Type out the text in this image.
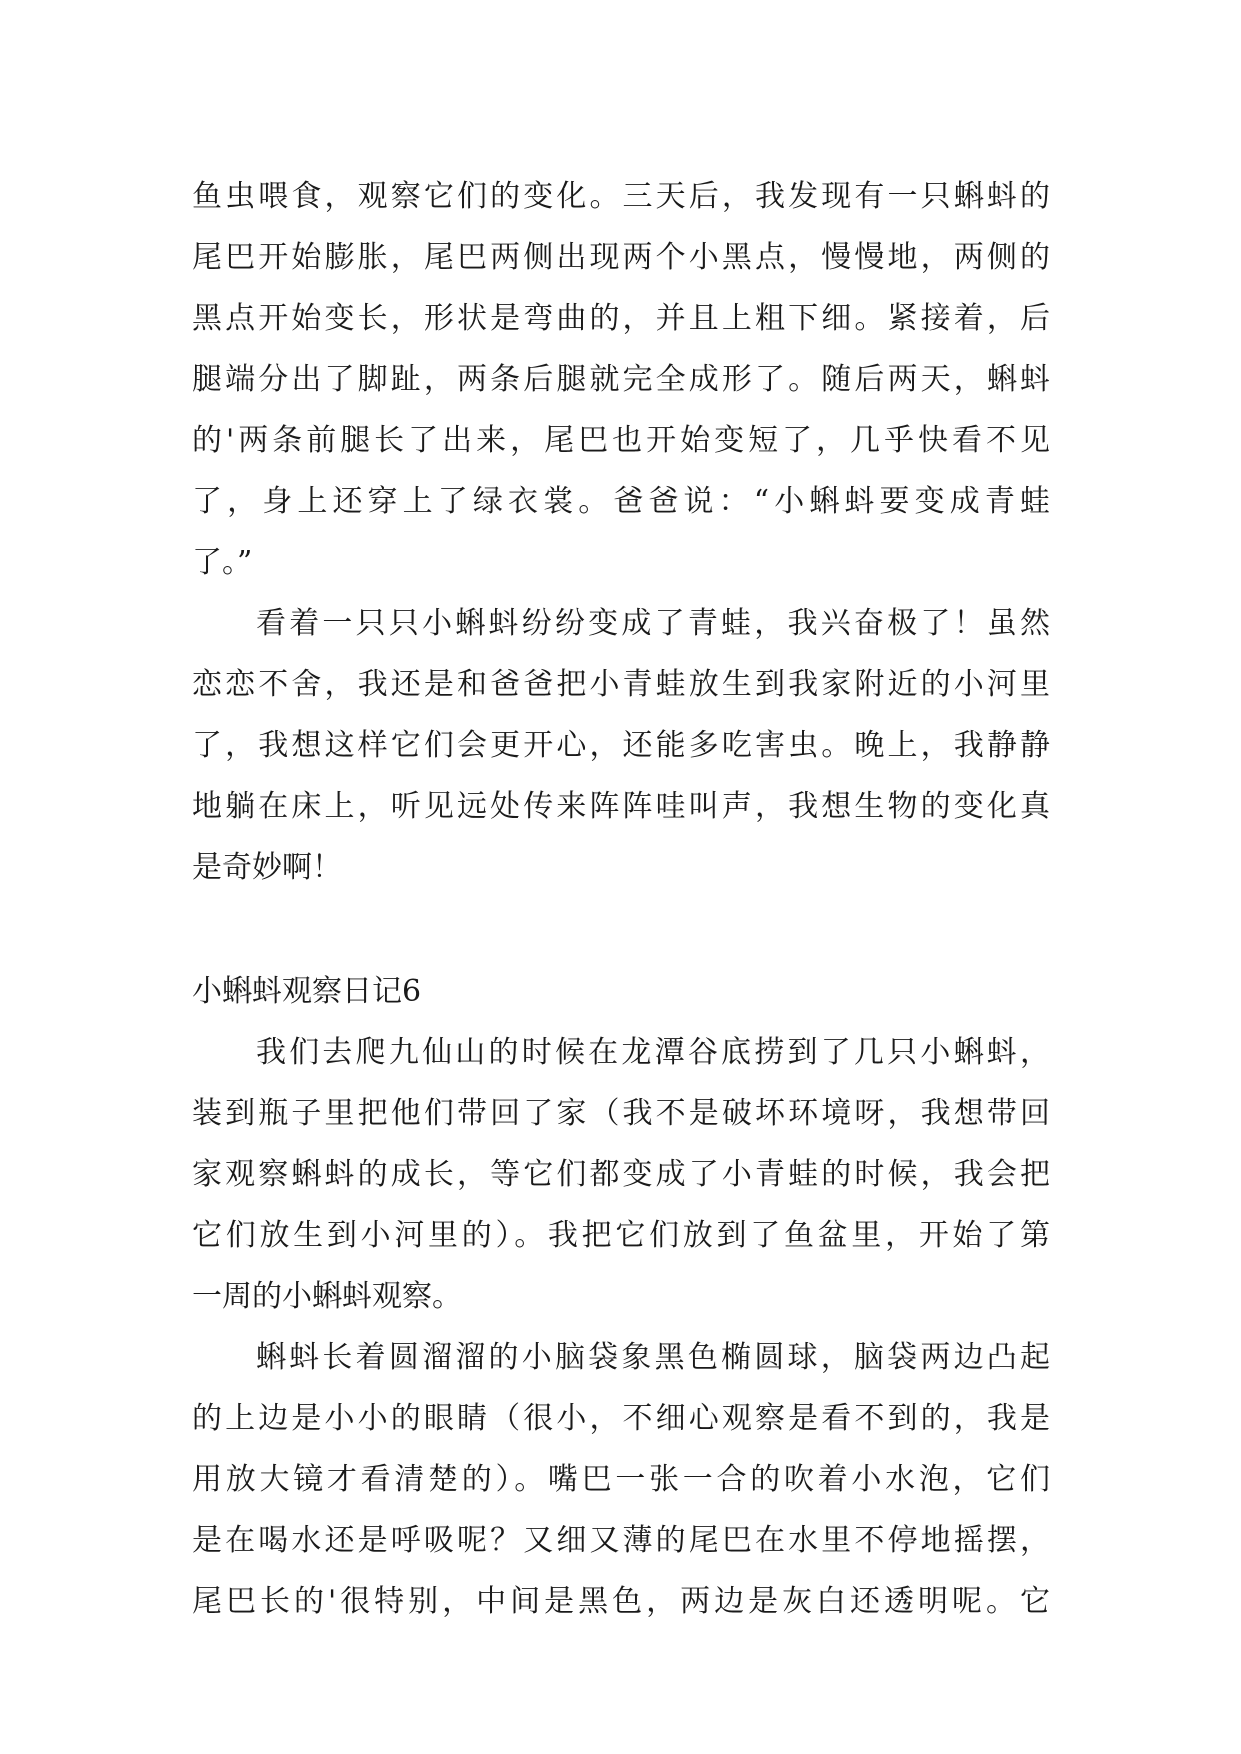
鱼虫喂食，观察它们的变化。三天后，我发现有一只蝌蚪的
尾巴开始膨胀，尾巴两侧出现两个小黑点，慢慢地，两侧的
黑点开始变长，形状是弯曲的，并且上粗下细。紧接着，后
腿端分出了脚趾，两条后腿就完全成形了。随后两天，蝌蚪
的'两条前腿长了出来，尾巴也开始变短了，几乎快看不见
了，身上还穿上了绿衣裳。爸爸说：“小蝌蚪要变成青蛙
了。”
看着一只只小蝌蚪纷纷变成了青蛙，我兴奋极了！虽然
恋恋不舍，我还是和爸爸把小青蛙放生到我家附近的小河里
了，我想这样它们会更开心，还能多吃害虫。晚上，我静静
地躺在床上，听见远处传来阵阵哇叫声，我想生物的变化真
是奇妙啊！
小蝌蚪观察日记6
我们去爬九仙山的时候在龙潭谷底捞到了几只小蝌蚪，
装到瓶子里把他们带回了家（我不是破坏环境呀，我想带回
家观察蝌蚪的成长，等它们都变成了小青蛙的时候，我会把
它们放生到小河里的）。我把它们放到了鱼盆里，开始了第
一周的小蝌蚪观察。
蝌蚪长着圆溜溜的小脑袋象黑色椭圆球，脑袋两边凸起
的上边是小小的眼睛（很小，不细心观察是看不到的，我是
用放大镜才看清楚的）。嘴巴一张一合的吹着小水泡，它们
是在喝水还是呼吸呢？又细又薄的尾巴在水里不停地摇摆，
尾巴长的'很特别，中间是黑色，两边是灰白还透明呢。它
